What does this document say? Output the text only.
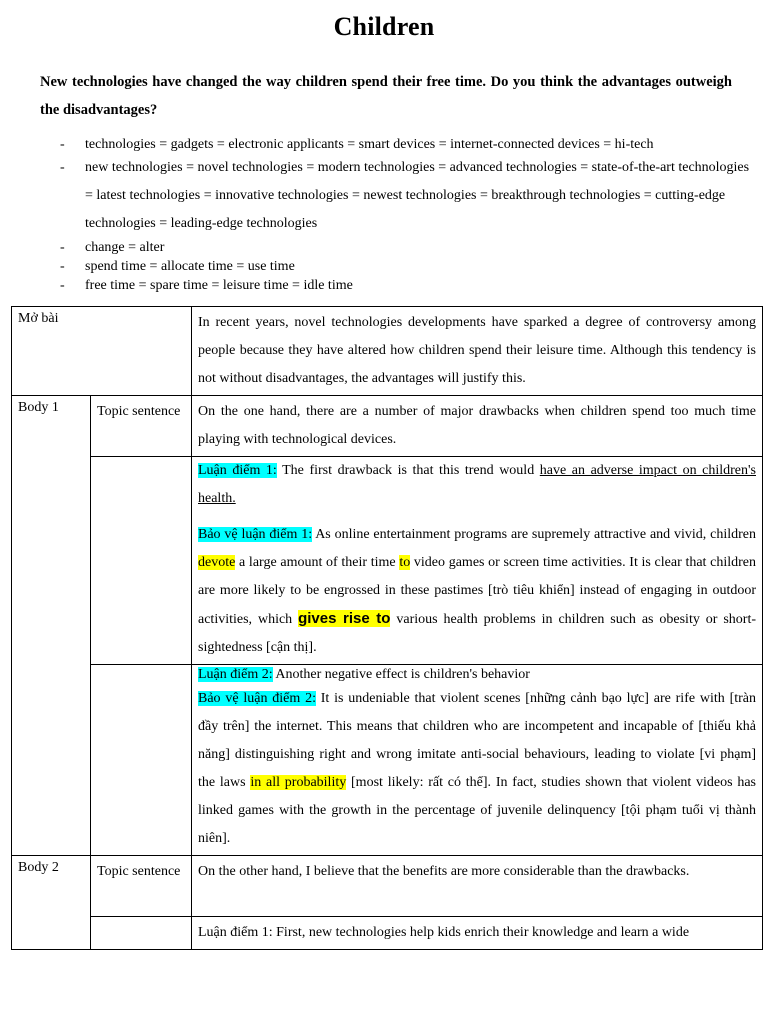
Children
New technologies have changed the way children spend their free time. Do you think the advantages outweigh the disadvantages?
- technologies = gadgets = electronic applicants = smart devices = internet-connected devices = hi-tech
- new technologies = novel technologies = modern technologies = advanced technologies = state-of-the-art technologies = latest technologies = innovative technologies = newest technologies = breakthrough technologies = cutting-edge technologies = leading-edge technologies
- change = alter
- spend time = allocate time = use time
- free time = spare time = leisure time = idle time
Mở bài		In recent years, novel technologies developments have sparked a degree of controversy among people because they have altered how children spend their leisure time. Although this tendency is not without disadvantages, the advantages will justify this.
Body 1	Topic sentence	On the one hand, there are a number of major drawbacks when children spend too much time playing with technological devices.

		Luận điểm 1: The first drawback is that this trend would have an adverse impact on children's health.

Bảo vệ luận điểm 1: As online entertainment programs are supremely attractive and vivid, children devote a large amount of their time to video games or screen time activities. It is clear that children are more likely to be engrossed in these pastimes [trò tiêu khiển] instead of engaging in outdoor activities, which gives rise to various health problems in children such as obesity or short-sightedness [cận thị].

		Luận điểm 2: Another negative effect is children's behavior
Bảo vệ luận điểm 2: It is undeniable that violent scenes [những cảnh bạo lực] are rife with [tràn đầy trên] the internet. This means that children who are incompetent and incapable of [thiếu khả năng] distinguishing right and wrong imitate anti-social behaviours, leading to violate [vi phạm] the laws in all probability [most likely: rất có thể]. In fact, studies shown that violent videos has linked games with the growth in the percentage of juvenile delinquency [tội phạm tuổi vị thành niên].

Body 2	Topic sentence	On the other hand, I believe that the benefits are more considerable than the drawbacks.
		Luận điểm 1: First, new technologies help kids enrich their knowledge and learn a wide
